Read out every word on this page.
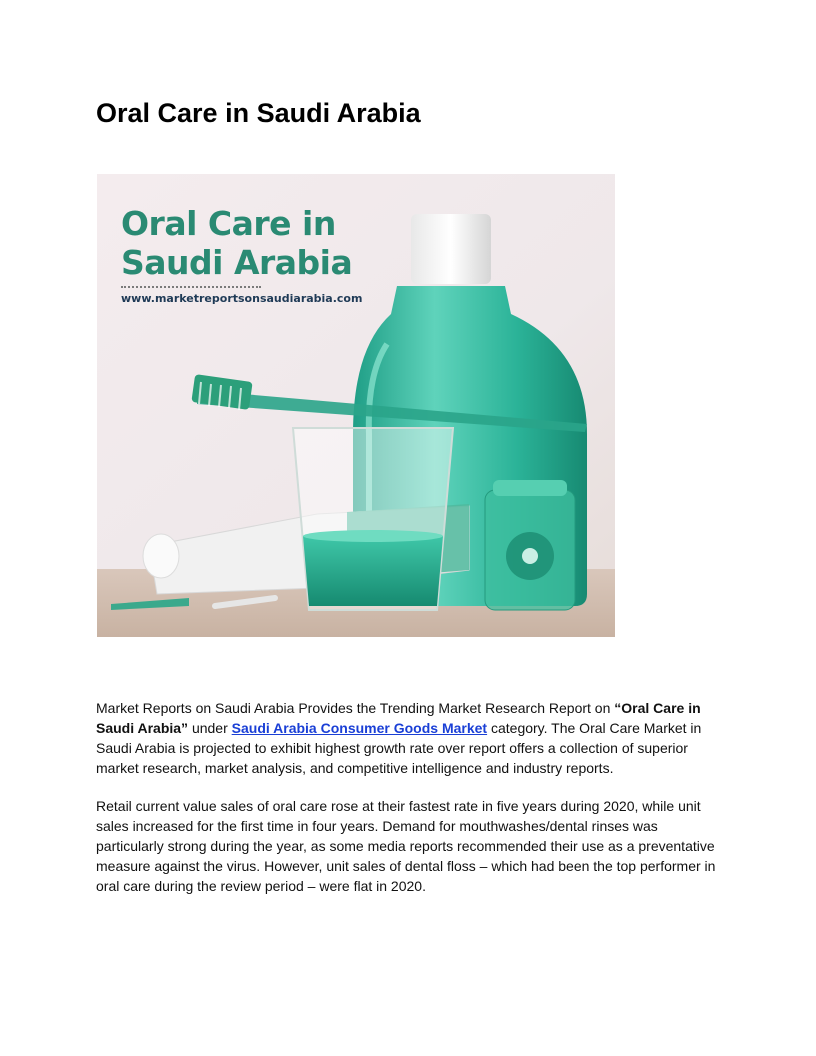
Oral Care in Saudi Arabia
Oral Care in
Saudi Arabia
www.marketreportsonsaudiarabia.com

Market Reports on Saudi Arabia Provides the Trending Market Research Report on “Oral Care in Saudi Arabia” under Saudi Arabia Consumer Goods Market category. The Oral Care Market in Saudi Arabia is projected to exhibit highest growth rate over report offers a collection of superior market research, market analysis, and competitive intelligence and industry reports.

Retail current value sales of oral care rose at their fastest rate in five years during 2020, while unit sales increased for the first time in four years. Demand for mouthwashes/dental rinses was particularly strong during the year, as some media reports recommended their use as a preventative measure against the virus. However, unit sales of dental floss – which had been the top performer in oral care during the review period – were flat in 2020.
